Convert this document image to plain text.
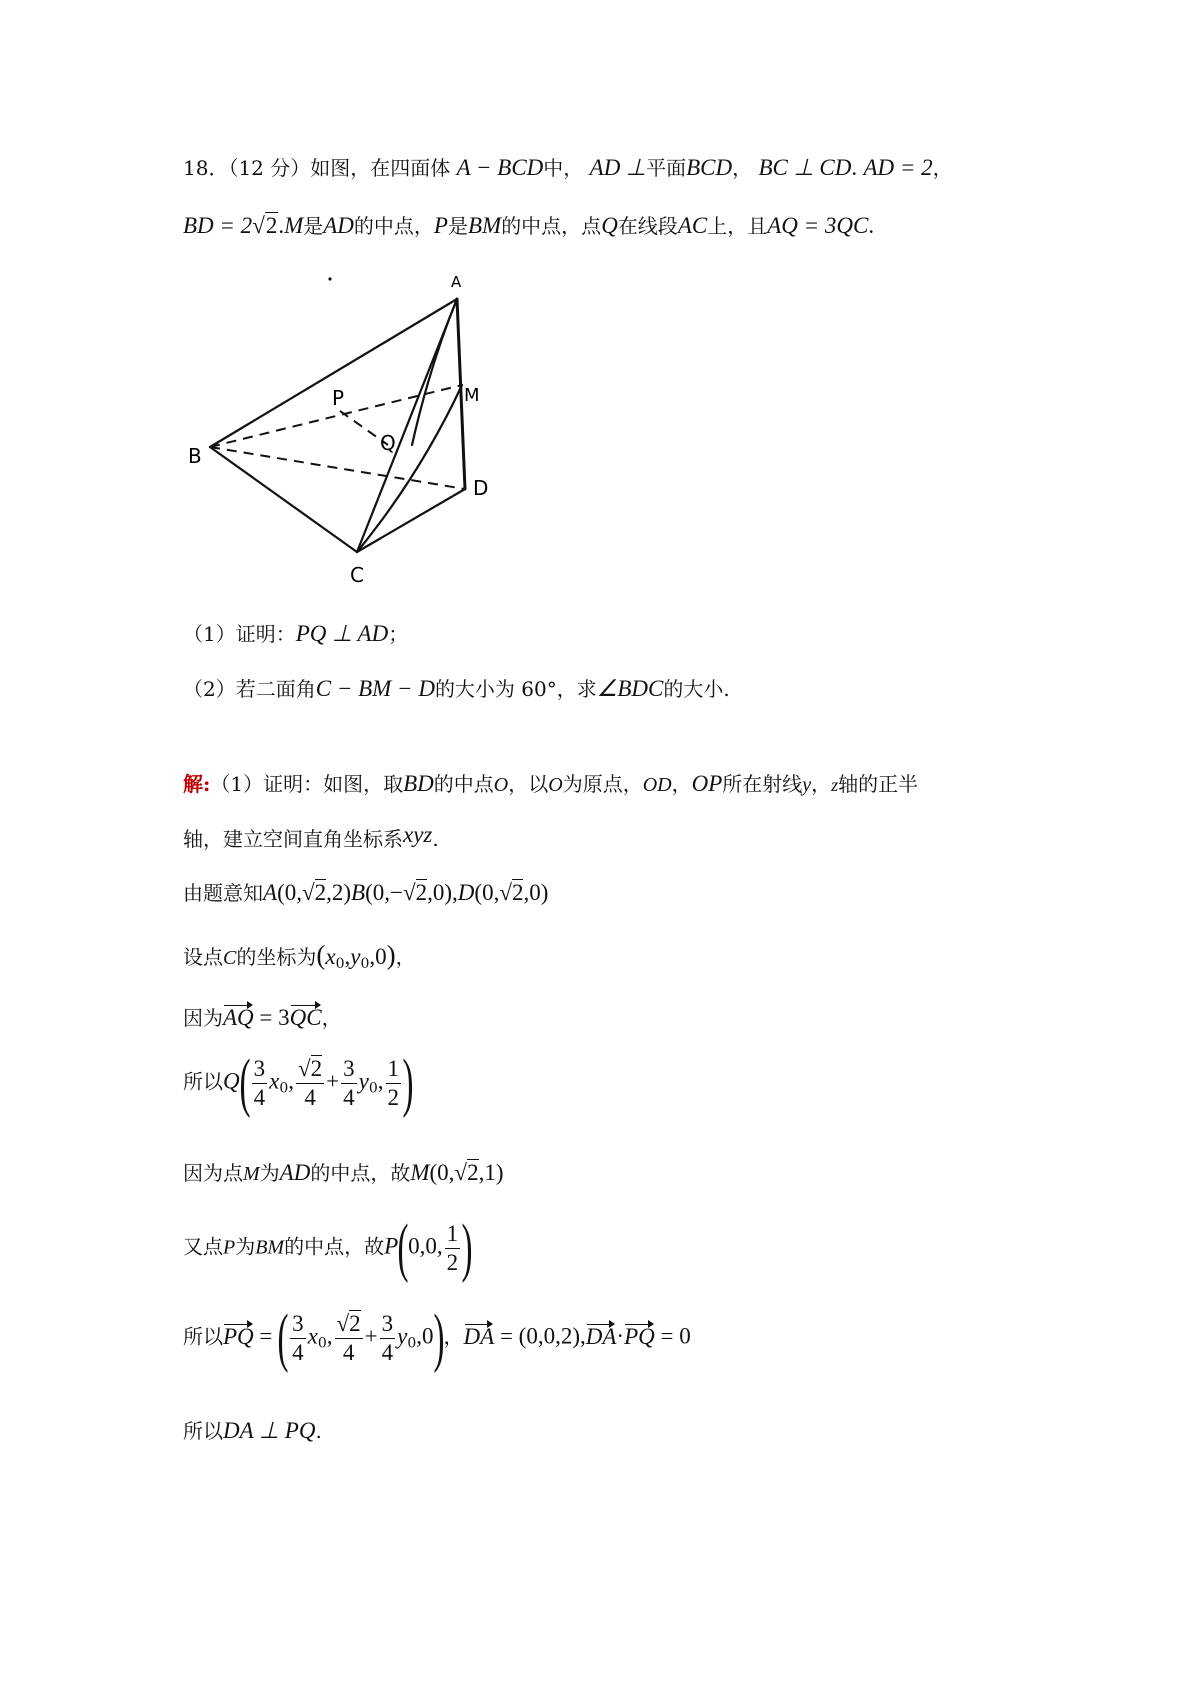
18．（12 分）如图，在四面体 A − BCD中， AD ⊥平面BCD， BC ⊥ CD. AD = 2，
BD = 2√2.M是AD的中点，P是BM的中点，点Q在线段AC上，且AQ = 3QC.
A
B
C
D
M
P
Q
（1）证明：PQ ⊥ AD；
（2）若二面角C − BM − D的大小为 60°，求∠BDC的大小.
解:（1）证明：如图，取BD的中点O，以O为原点，OD，OP所在射线y，z轴的正半
轴，建立空间直角坐标系xyz.
由题意知A(0,√2,2)B(0,−√2,0),D(0,√2,0)
设点C的坐标为$(x_0,y_0,0)$，
因为AQ = 3QC，
所以$Q( \frac{3}{4} x_0$, $\frac{√2}{4} + \frac{3}{4} y_0$, $\frac{1}{2}$ )
因为点M为AD的中点，故M(0,√2,1)
又点P为BM的中点，故P(0,0, $\frac{1}{2}$ )
所以PQ = ( $\frac{3}{4} x_0$, $\frac{√2}{4} + \frac{3}{4} y_0,0$)，DA = (0,0,2),DA·PQ = 0
所以DA ⊥ PQ.
